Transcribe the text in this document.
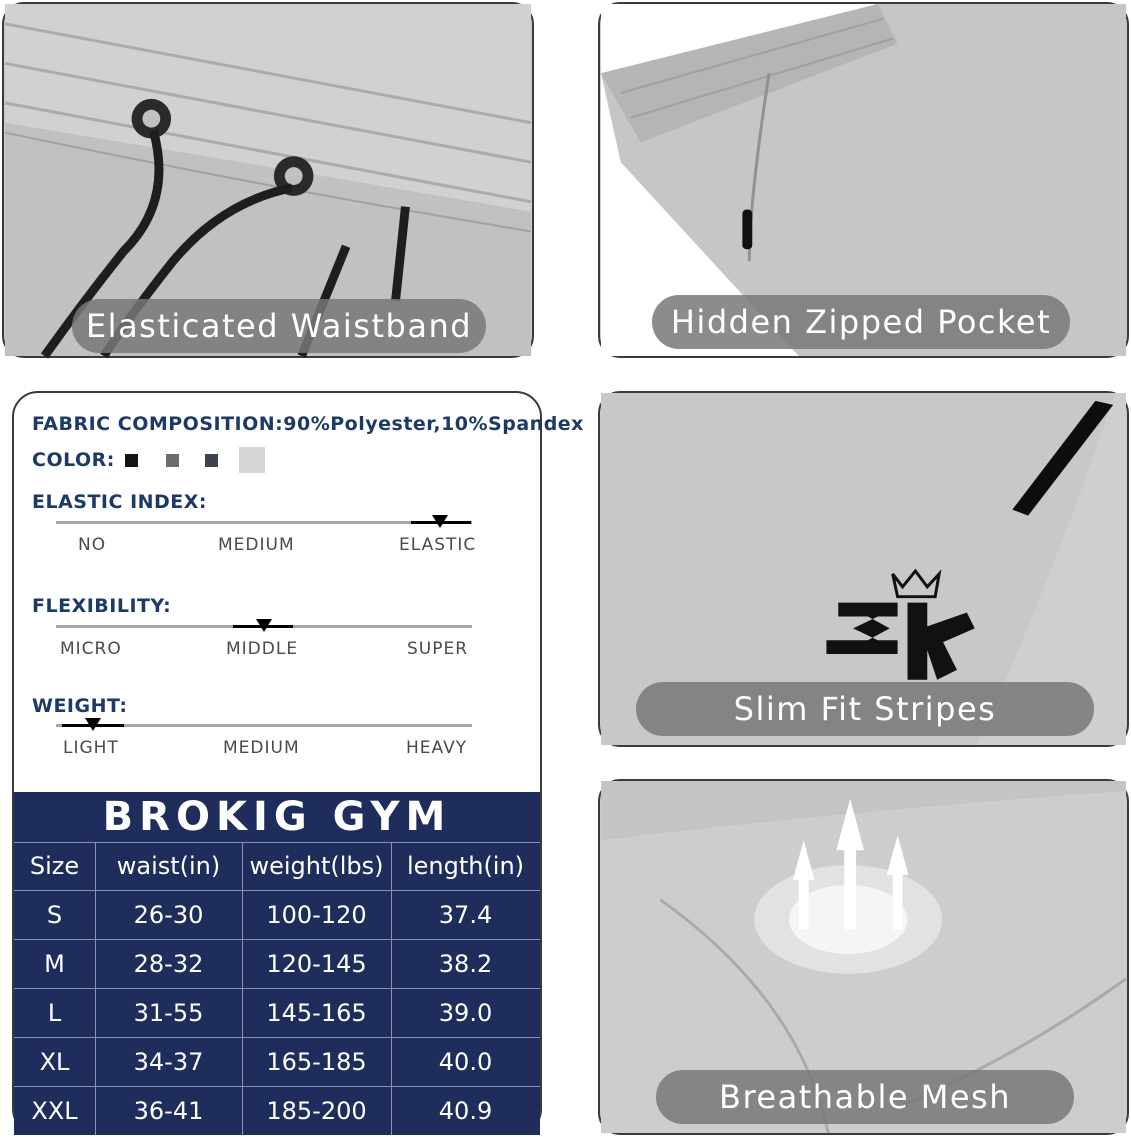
Elasticated Waistband	Hidden Zipped Pocket
FABRIC COMPOSITION:90%Polyester,10%Spandex
COLOR:
ELASTIC INDEX:
NO	MEDIUM	ELASTIC
FLEXIBILITY:
MICRO	MIDDLE	SUPER
WEIGHT:
LIGHT	MEDIUM	HEAVY
BROKIG GYM
Size	waist(in)	weight(lbs) length(in)
S	26-30	100-120	37.4
M	28-32	120-145	38.2
L	31-55	145-165	39.0
XL	34-37	165-185	40.0
XXL	36-41	185-200	40.9
Slim Fit Stripes
Breathable Mesh
